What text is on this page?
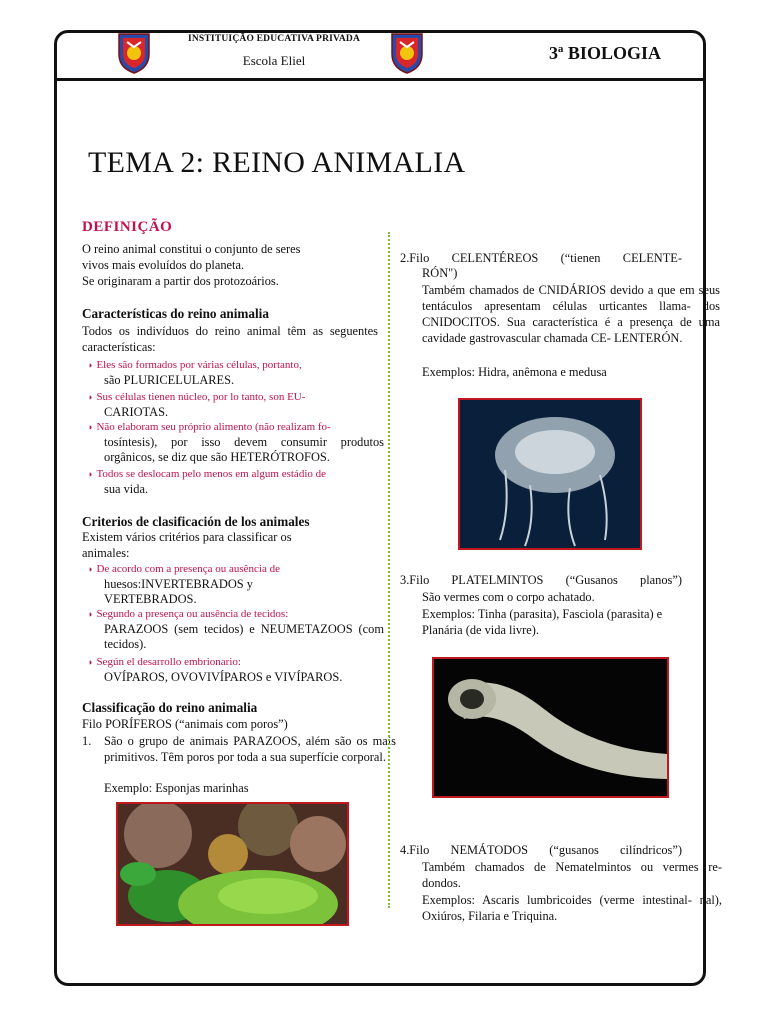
INSTITUIÇÃO EDUCATIVA PRIVADA
Escola Eliel	3ª BIOLOGIA
TEMA 2: REINO ANIMALIA
DEFINIÇÃO
O reino animal constitui o conjunto de seres
vivos mais evoluídos do planeta.
Se originaram a partir dos protozoários.
Características do reino animalia
Todos os indivíduos do reino animal têm as seguentes características:
◗ Eles são formados por várias células, portanto,
são PLURICELULARES.
◗ Sus células tienen núcleo, por lo tanto, son EU-
CARIOTAS.
◗ Não elaboram seu próprio alimento (não realizam fo-
tosíntesis), por isso devem consumir produtos orgânicos, se diz que são HETERÓTROFOS.
◗ Todos se deslocam pelo menos em algum estádio de
sua vida.
Criterios de clasificación de los animales
Existem vários critérios para classificar os animales:
◗ De acordo com a presença ou ausência de
huesos:INVERTEBRADOS y VERTEBRADOS.
◗ Segundo a presença ou ausência de tecidos:
PARAZOOS (sem tecidos) e NEUMETAZOOS (com tecidos).
◗ Según el desarrollo embrionario:
OVÍPAROS, OVOVIVÍPAROS e VIVÍPAROS.
Classificação do reino animalia
Filo PORÍFEROS (“animais com poros”)
1. São o grupo de animais PARAZOOS, além são os mais primitivos. Têm poros por toda a sua superfície corporal.
Exemplo: Esponjas marinhas
2.Filo CELENTÉREOS (“tienen CELENTE-
RÓN")
Também chamados de CNIDÁRIOS devido a que em seus tentáculos apresentam células urticantes llama- dos CNIDOCITOS. Sua característica é a presença de uma cavidade gastrovascular chamada CE- LENTERÓN.
Exemplos: Hidra, anêmona e medusa
3.Filo PLATELMINTOS (“Gusanos planos”)
São vermes com o corpo achatado.
Exemplos: Tinha (parasita), Fasciola (parasita) e Planária (de vida livre).
4.Filo NEMÁTODOS (“gusanos cilíndricos”)
Também chamados de Nematelmintos ou vermes re- dondos.
Exemplos: Ascaris lumbricoides (verme intestinal- nal), Oxiúros, Filaria e Triquina.
